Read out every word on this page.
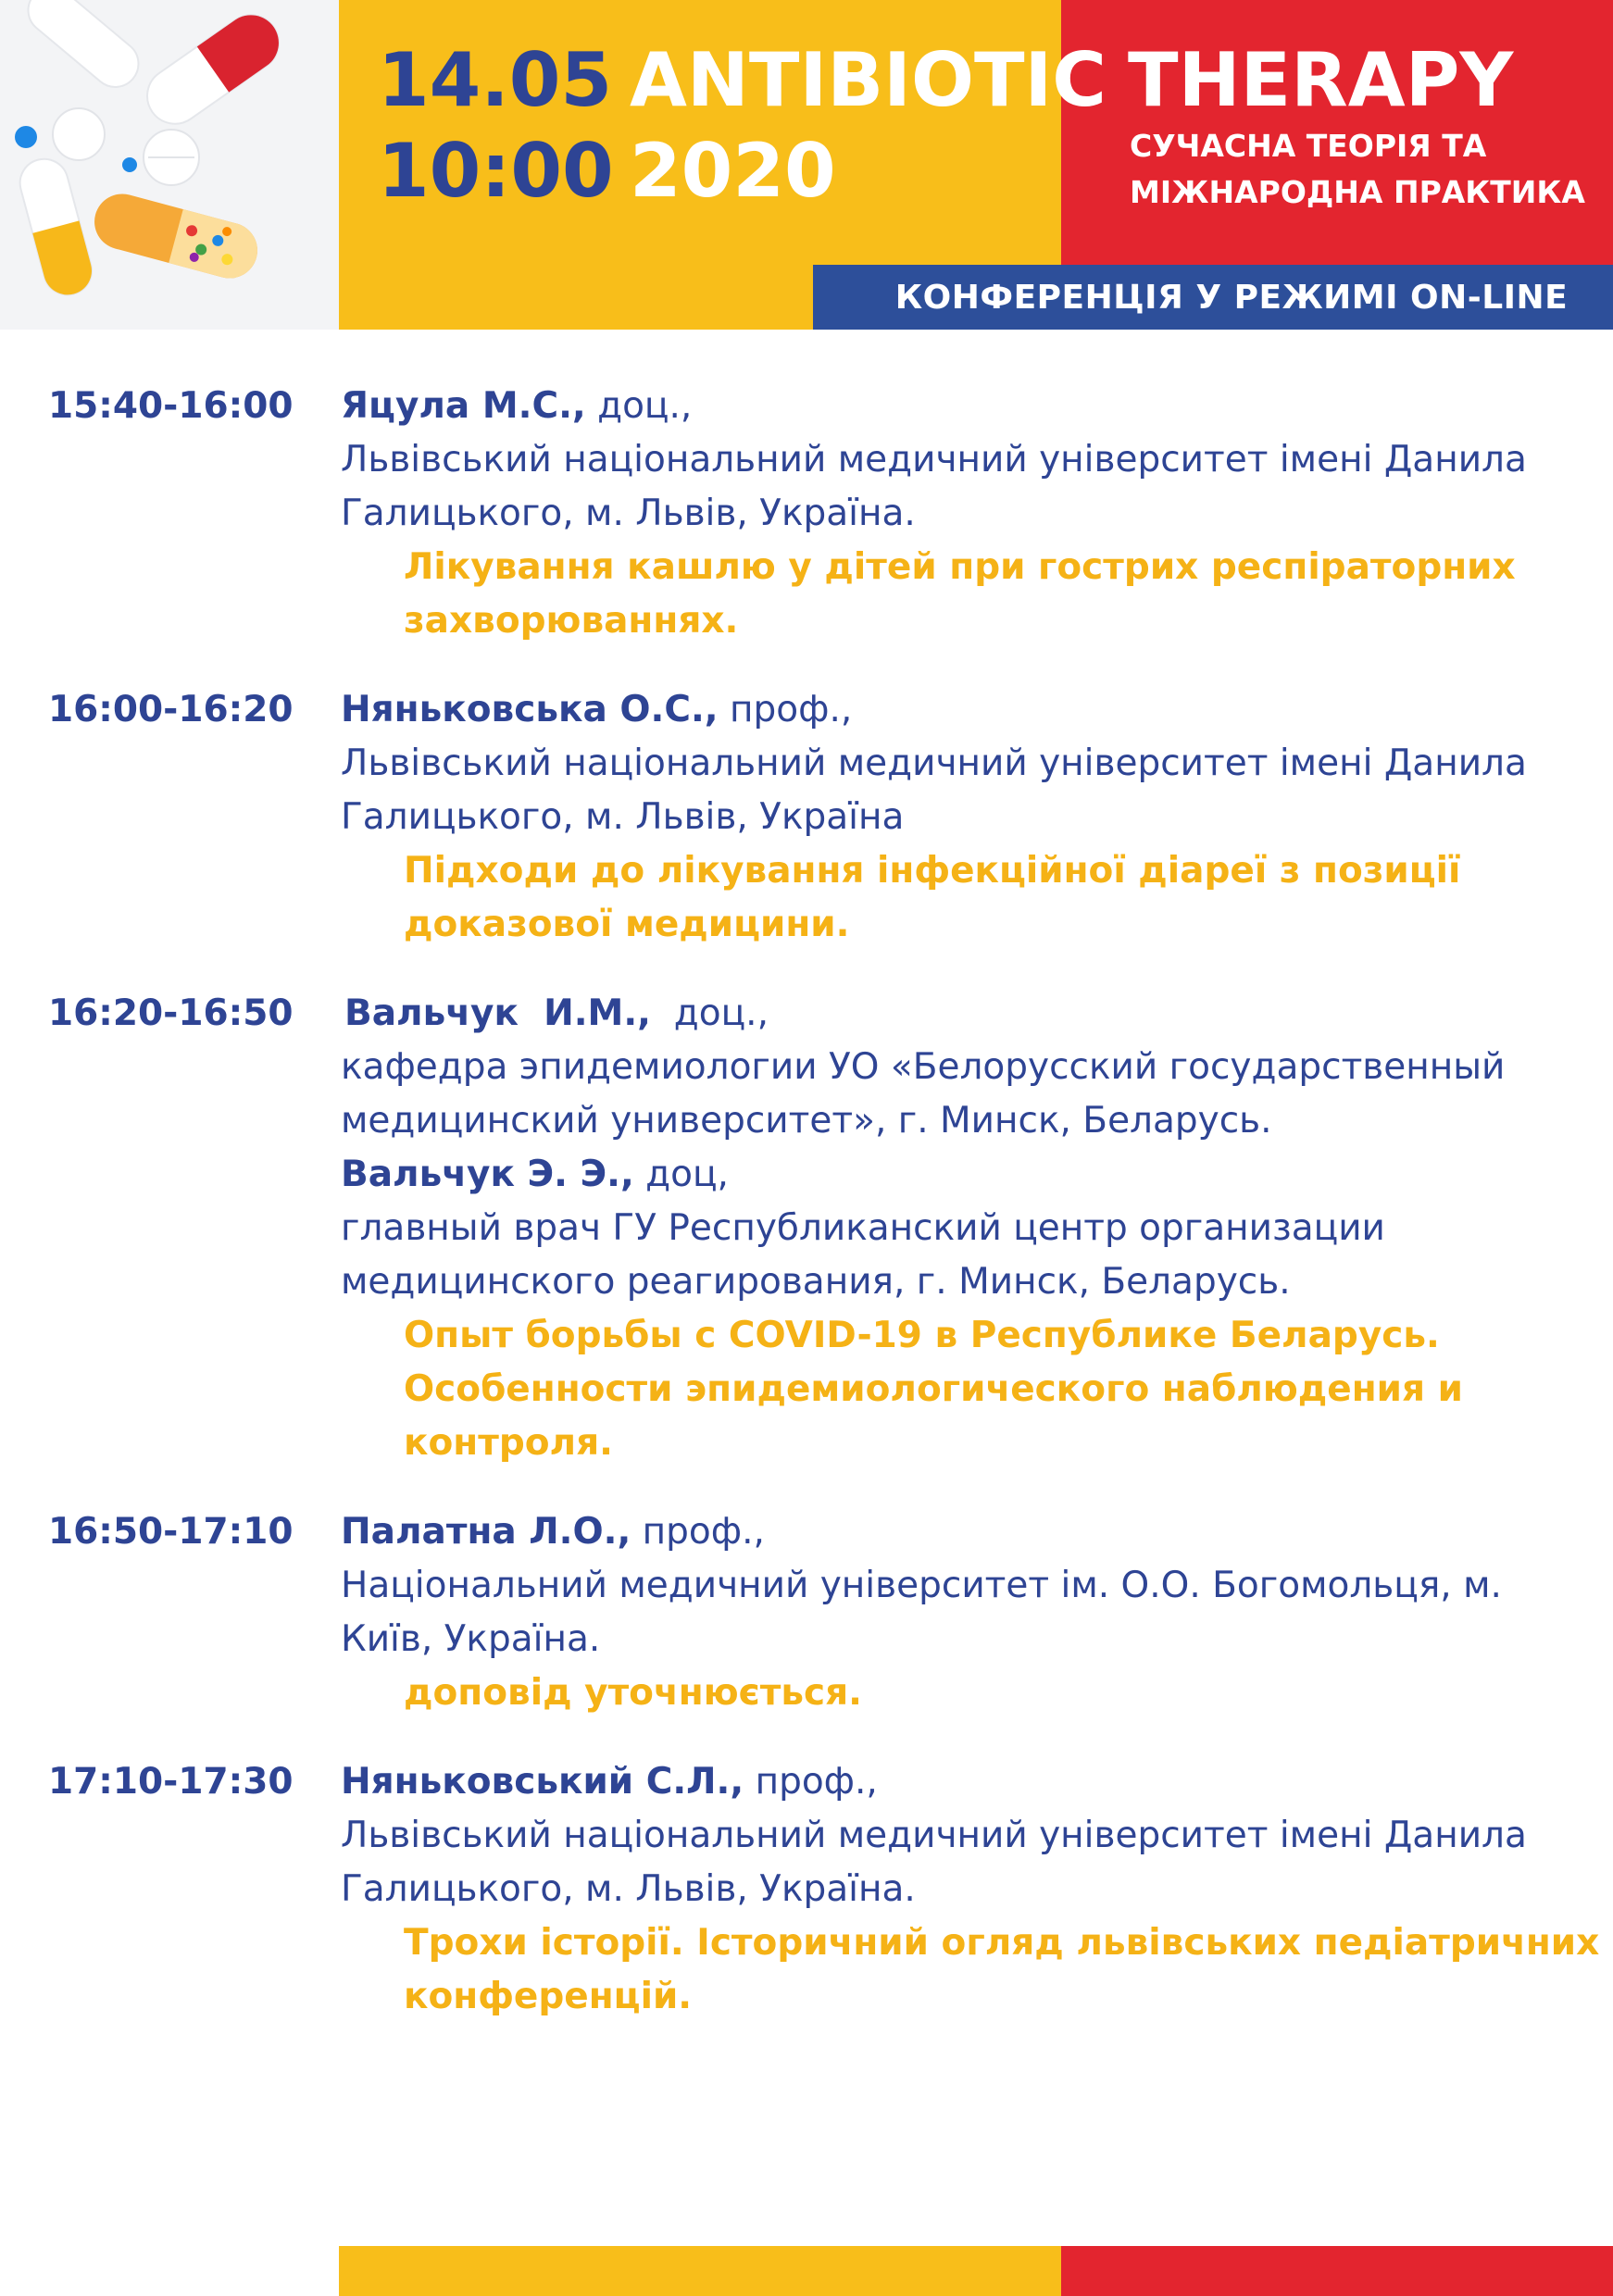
14.05
10:00
ANTIBIOTIC
2020
THERAPY
СУЧАСНА ТЕОРІЯ ТА
МІЖНАРОДНА ПРАКТИКА
КОНФЕРЕНЦІЯ У РЕЖИМІ ON-LINE
15:40-16:00 Яцула М.С., доц.,
Львівський національний медичний університет імені Данила
Галицького, м. Львів, Україна.
Лікування кашлю у дітей при гострих респіраторних
захворюваннях.
16:00-16:20 Няньковська О.С., проф.,
Львівський національний медичний університет імені Данила
Галицького, м. Львів, Україна
Підходи до лікування інфекційної діареї з позиції
доказової медицини.
16:20-16:50 Вальчук  И.М.,  доц.,
кафедра эпидемиологии УО «Белорусский государственный
медицинский университет», г. Минск, Беларусь.
Вальчук Э. Э., доц,
главный врач ГУ Республиканский центр организации
медицинского реагирования, г. Минск, Беларусь.
Опыт борьбы с COVID-19 в Республике Беларусь.
Особенности эпидемиологического наблюдения и
контроля.
16:50-17:10 Палатна Л.О., проф.,
Національний медичний університет ім. О.О. Богомольця, м.
Київ, Україна.
доповід уточнюється.
17:10-17:30 Няньковський С.Л., проф.,
Львівський національний медичний університет імені Данила
Галицького, м. Львів, Україна.
Трохи історії. Історичний огляд львівських педіатричних
конференцій.
